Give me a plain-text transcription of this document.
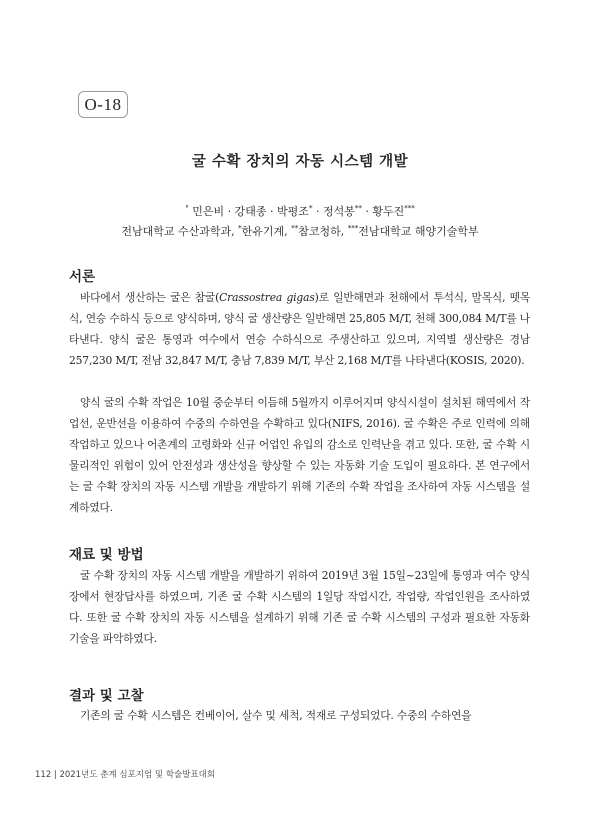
O-18
굴 수확 장치의 자동 시스템 개발
° 민은비 · 강태종 · 박평조* · 정석봉** · 황두진***
전남대학교 수산과학과, *한유기계, **참코청하, ***전남대학교 해양기술학부
서론

바다에서 생산하는 굴은 참굴(Crassostrea gigas)로 일반해면과 천해에서 투석식, 말목식, 뗏목식, 연승 수하식 등으로 양식하며, 양식 굴 생산량은 일반해면 25,805 M/T, 천해 300,084 M/T를 나타낸다. 양식 굴은 통영과 여수에서 연승 수하식으로 주생산하고 있으며, 지역별 생산량은 경남 257,230 M/T, 전남 32,847 M/T, 충남 7,839 M/T, 부산 2,168 M/T를 나타낸다(KOSIS, 2020).

양식 굴의 수확 작업은 10월 중순부터 이듬해 5월까지 이루어지며 양식시설이 설치된 해역에서 작업선, 운반선을 이용하여 수중의 수하연을 수확하고 있다(NIFS, 2016). 굴 수확은 주로 인력에 의해 작업하고 있으나 어촌계의 고령화와 신규 어업인 유입의 감소로 인력난을 겪고 있다. 또한, 굴 수확 시 물리적인 위험이 있어 안전성과 생산성을 향상할 수 있는 자동화 기술 도입이 필요하다. 본 연구에서는 굴 수확 장치의 자동 시스템 개발을 개발하기 위해 기존의 수확 작업을 조사하여 자동 시스템을 설계하였다.

재료 및 방법

굴 수확 장치의 자동 시스템 개발을 개발하기 위하여 2019년 3월 15일~23일에 통영과 여수 양식장에서 현장답사를 하였으며, 기존 굴 수확 시스템의 1일당 작업시간, 작업량, 작업인원을 조사하였다. 또한 굴 수확 장치의 자동 시스템을 설계하기 위해 기존 굴 수확 시스템의 구성과 필요한 자동화 기술을 파악하였다.

결과 및 고찰

기존의 굴 수확 시스템은 컨베이어, 살수 및 세척, 적재로 구성되었다. 수중의 수하연을

112 | 2021년도 춘계 심포지엄 및 학술발표대회
